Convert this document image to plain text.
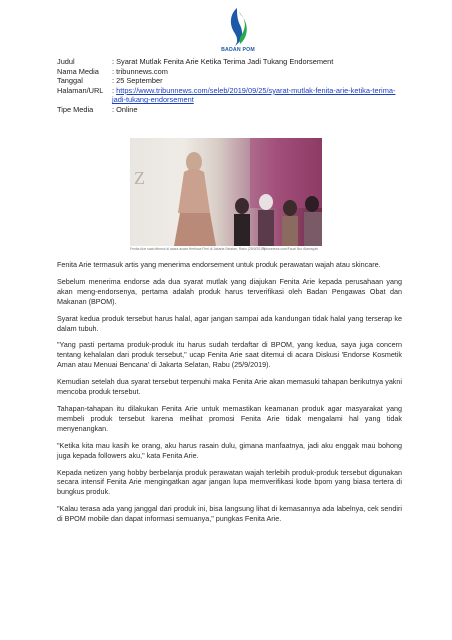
BADAN POM
Judul	: Syarat Mutlak Fenita Arie Ketika Terima Jadi Tukang Endorsement
Nama Media	: tribunnews.com
Tanggal	: 25 September
Halaman/URL	: https://www.tribunnews.com/seleb/2019/09/25/syarat-mutlak-fenita-arie-ketika-terima-jadi-tukang-endorsement
Tipe Media	: Online
Z
Fenita Arie saat ditemui di acara acara Hertinza Fimi di Jakarta Selatan, Rabu (25/9/2019).
Tribunnews.com/Fauzi Nur Alamsyah

Fenita Arie termasuk artis yang menerima endorsement untuk produk perawatan wajah atau skincare.

Sebelum menerima endorse ada dua syarat mutlak yang diajukan Fenita Arie kepada perusahaan yang akan meng-endorsenya, pertama adalah produk harus terverifikasi oleh Badan Pengawas Obat dan Makanan (BPOM).

Syarat kedua produk tersebut harus halal, agar jangan sampai ada kandungan tidak halal yang terserap ke dalam tubuh.

"Yang pasti pertama produk-produk itu harus sudah terdaftar di BPOM, yang kedua, saya juga concern tentang kehalalan dari produk tersebut," ucap Fenita Arie saat ditemui di acara Diskusi 'Endorse Kosmetik Aman atau Menuai Bencana' di Jakarta Selatan, Rabu (25/9/2019).

Kemudian setelah dua syarat tersebut terpenuhi maka Fenita Arie akan memasuki tahapan berikutnya yakni mencoba produk tersebut.

Tahapan-tahapan itu dilakukan Fenita Arie untuk memastikan keamanan produk agar masyarakat yang membeli produk tersebut karena melihat promosi Fenita Arie tidak mengalami hal yang tidak menyenangkan.

"Ketika kita mau kasih ke orang, aku harus rasain dulu, gimana manfaatnya, jadi aku enggak mau bohong juga kepada followers aku," kata Fenita Arie.

Kepada netizen yang hobby berbelanja produk perawatan wajah terlebih produk-produk tersebut digunakan secara intensif Fenita Arie mengingatkan agar jangan lupa memverifikasi kode bpom yang biasa tertera di bungkus produk.

"Kalau terasa ada yang janggal dari produk ini, bisa langsung lihat di kemasannya ada labelnya, cek sendiri di BPOM mobile dan dapat informasi semuanya," pungkas Fenita Arie.
